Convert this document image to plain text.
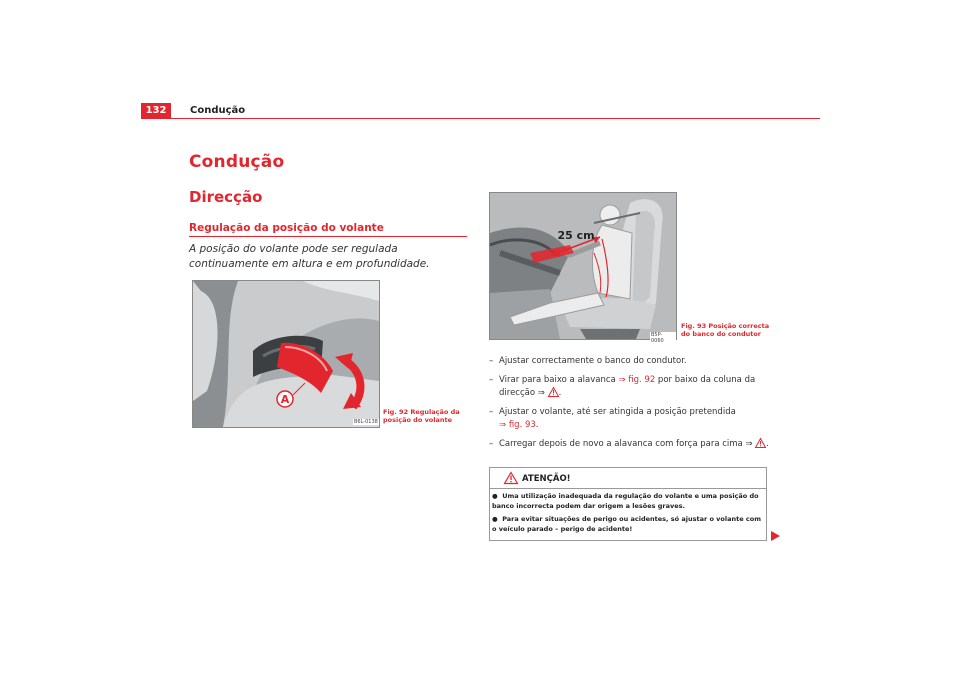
132	Condução
Condução
Direcção
Regulação da posição do volante
A posição do volante pode ser regulada continuamente em altura e em profundidade.
A
B6L-0138
Fig. 92 Regulação da
posição do volante
25 cm
B5P-0060
Fig. 93 Posição correcta
do banco do condutor
– Ajustar correctamente o banco do condutor.
– Virar para baixo a alavanca ⇒ fig. 92 por baixo da coluna da direcção ⇒ .
– Ajustar o volante, até ser atingida a posição pretendida
⇒ fig. 93.
– Carregar depois de novo a alavanca com força para cima ⇒ .
ATENÇÃO!
● Uma utilização inadequada da regulação do volante e uma posição do banco incorrecta podem dar origem a lesões graves.
● Para evitar situações de perigo ou acidentes, só ajustar o volante com o veículo parado – perigo de acidente!
